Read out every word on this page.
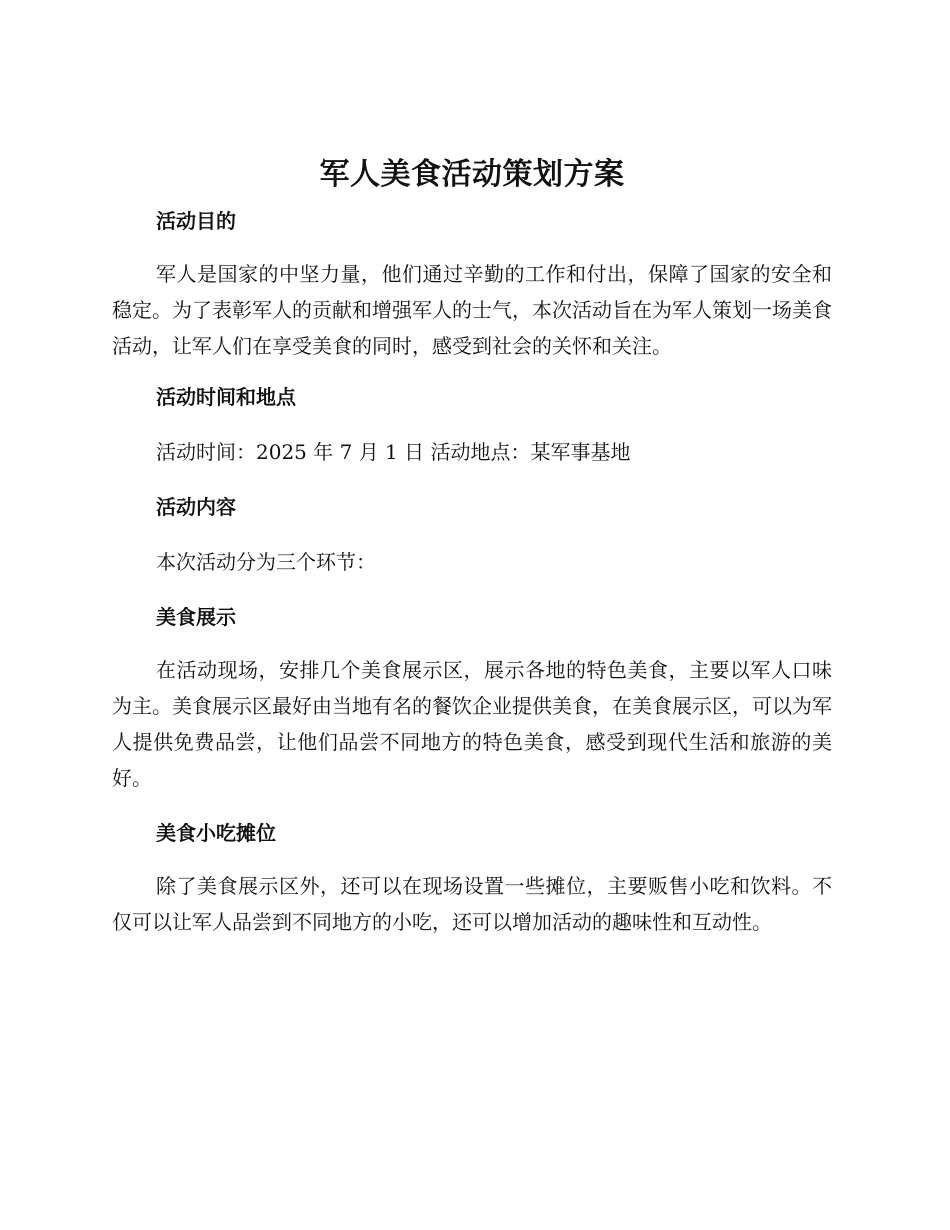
军人美食活动策划方案
活动目的

军人是国家的中坚力量，他们通过辛勤的工作和付出，保障了国家的安全和稳定。为了表彰军人的贡献和增强军人的士气，本次活动旨在为军人策划一场美食活动，让军人们在享受美食的同时，感受到社会的关怀和关注。

活动时间和地点

活动时间：2025 年 7 月 1 日 活动地点：某军事基地

活动内容

本次活动分为三个环节：

美食展示

在活动现场，安排几个美食展示区，展示各地的特色美食，主要以军人口味为主。美食展示区最好由当地有名的餐饮企业提供美食，在美食展示区，可以为军人提供免费品尝，让他们品尝不同地方的特色美食，感受到现代生活和旅游的美好。

美食小吃摊位

除了美食展示区外，还可以在现场设置一些摊位，主要贩售小吃和饮料。不仅可以让军人品尝到不同地方的小吃，还可以增加活动的趣味性和互动性。
